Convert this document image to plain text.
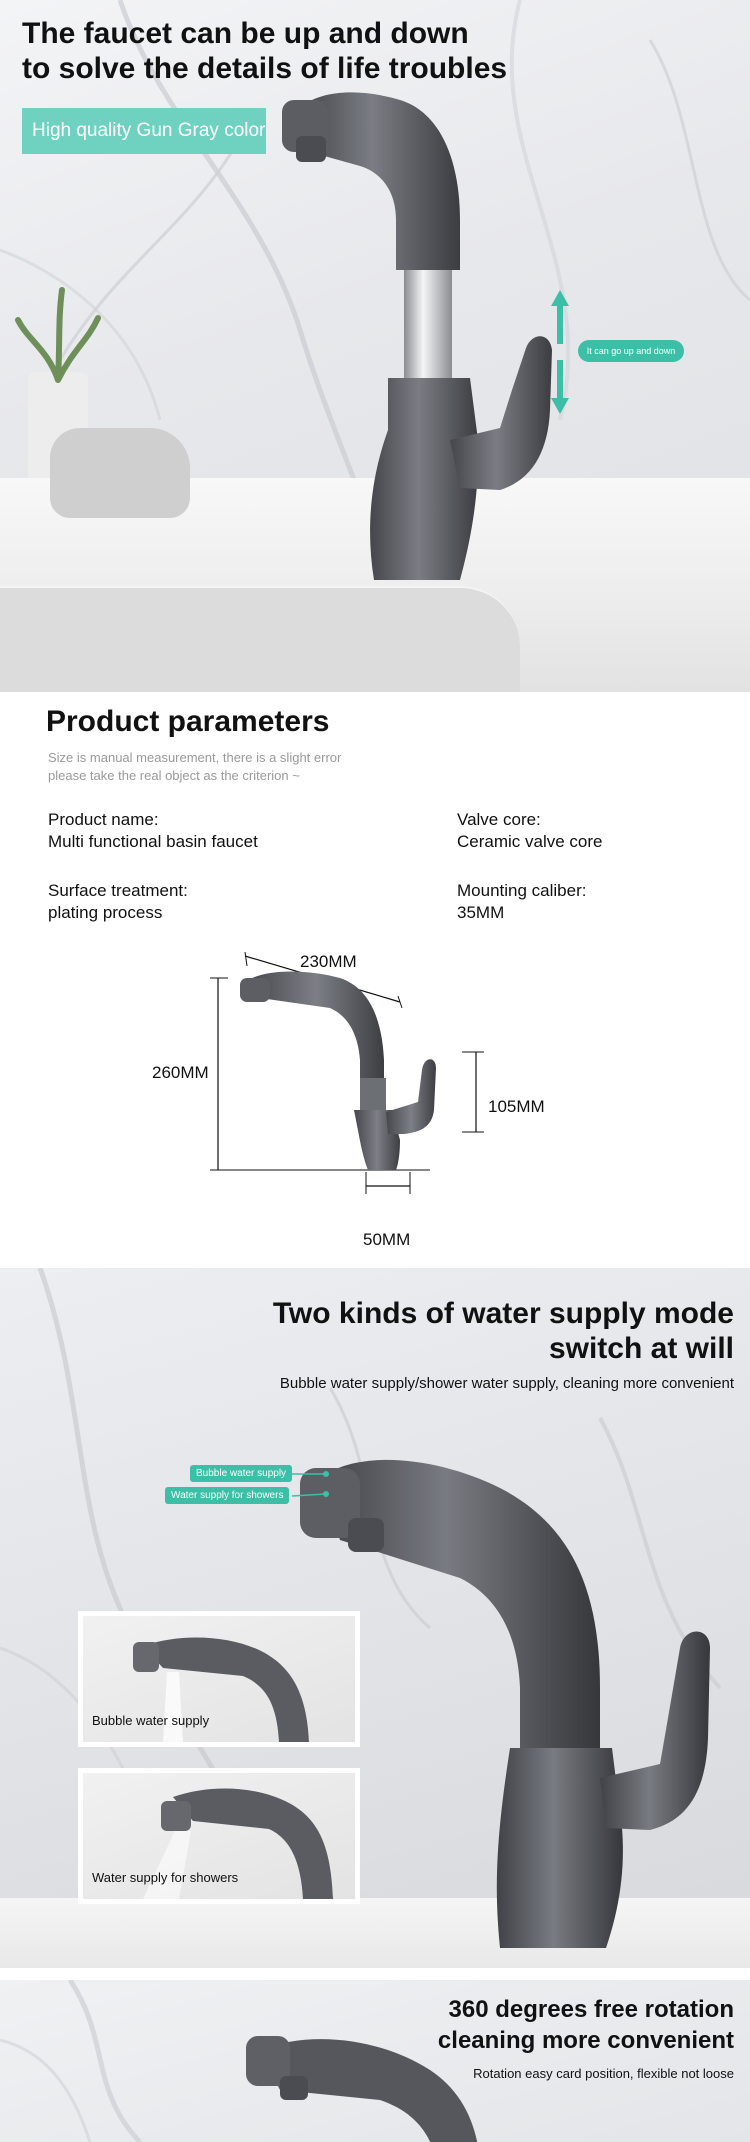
It can go up and down
The faucet can be up and down
to solve the details of life troubles
High quality Gun Gray color
Product parameters
Size is manual measurement, there is a slight error
please take the real object as the criterion ~
Product name:
Multi functional basin faucet
Valve core:
Ceramic valve core
Surface treatment:
plating process
Mounting caliber:
35MM
230MM
260MM
105MM
50MM
Bubble water supply
Water supply for showers
Bubble water supply
Water supply for showers
Two kinds of water supply mode
switch at will
Bubble water supply/shower water supply, cleaning more convenient
360 degrees free rotation
cleaning more convenient
Rotation easy card position, flexible not loose
